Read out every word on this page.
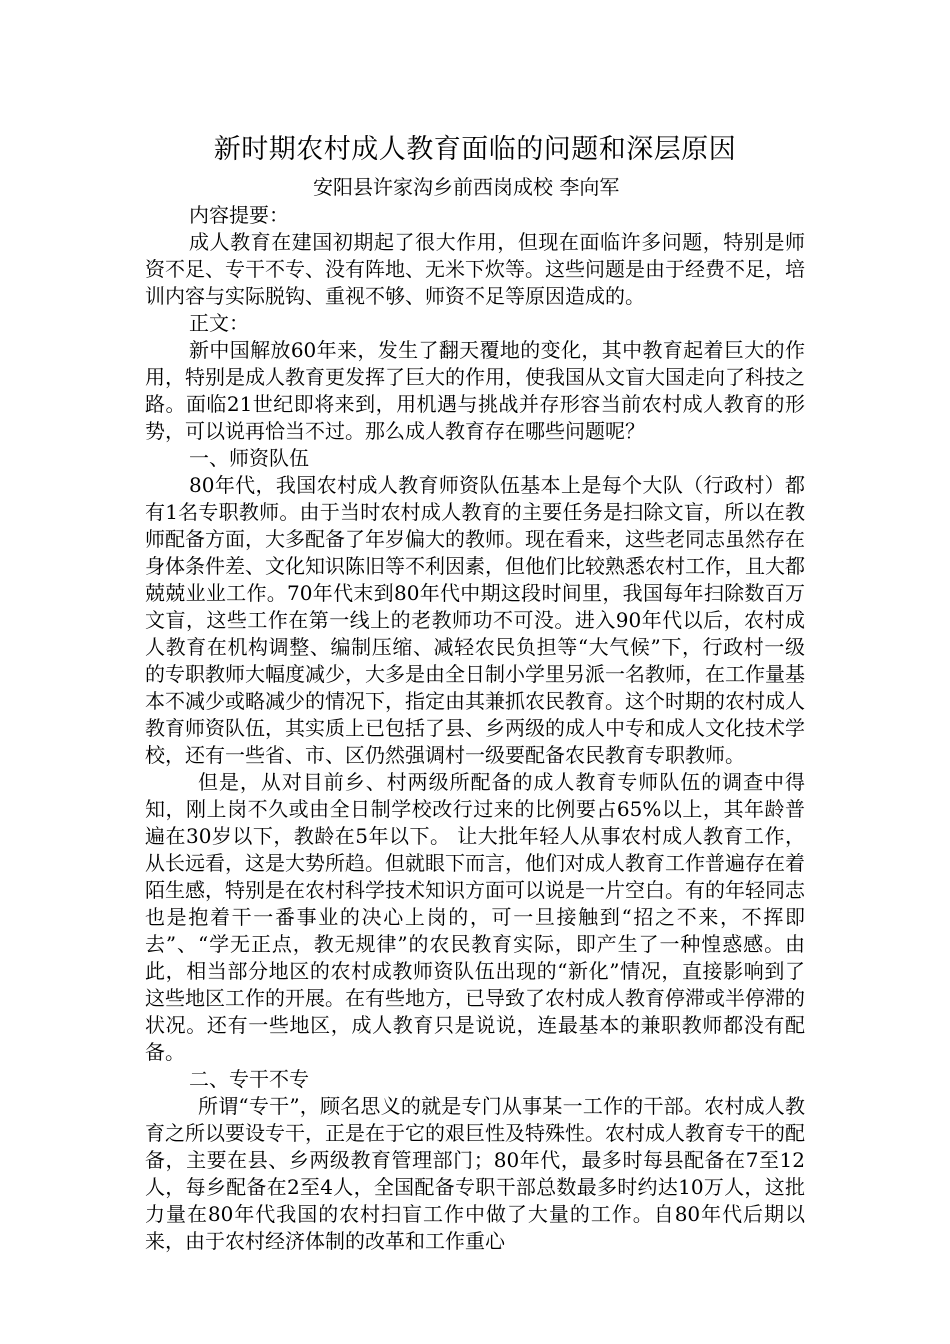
新时期农村成人教育面临的问题和深层原因

安阳县许家沟乡前西岗成校 李向军

内容提要：

成人教育在建国初期起了很大作用，但现在面临许多问题，特别是师资不足、专干不专、没有阵地、无米下炊等。这些问题是由于经费不足，培训内容与实际脱钩、重视不够、师资不足等原因造成的。

正文：

新中国解放60年来，发生了翻天覆地的变化，其中教育起着巨大的作用，特别是成人教育更发挥了巨大的作用，使我国从文盲大国走向了科技之路。面临21世纪即将来到，用机遇与挑战并存形容当前农村成人教育的形势，可以说再恰当不过。那么成人教育存在哪些问题呢？

一、师资队伍

80年代，我国农村成人教育师资队伍基本上是每个大队（行政村）都有1名专职教师。由于当时农村成人教育的主要任务是扫除文盲，所以在教师配备方面，大多配备了年岁偏大的教师。现在看来，这些老同志虽然存在身体条件差、文化知识陈旧等不利因素，但他们比较熟悉农村工作，且大都兢兢业业工作。70年代末到80年代中期这段时间里，我国每年扫除数百万文盲，这些工作在第一线上的老教师功不可没。进入90年代以后，农村成人教育在机构调整、编制压缩、减轻农民负担等“大气候”下，行政村一级的专职教师大幅度减少，大多是由全日制小学里另派一名教师，在工作量基本不减少或略减少的情况下，指定由其兼抓农民教育。这个时期的农村成人教育师资队伍，其实质上已包括了县、乡两级的成人中专和成人文化技术学校，还有一些省、市、区仍然强调村一级要配备农民教育专职教师。

但是，从对目前乡、村两级所配备的成人教育专师队伍的调查中得知，刚上岗不久或由全日制学校改行过来的比例要占65%以上，其年龄普遍在30岁以下，教龄在5年以下。 让大批年轻人从事农村成人教育工作，从长远看，这是大势所趋。但就眼下而言，他们对成人教育工作普遍存在着陌生感，特别是在农村科学技术知识方面可以说是一片空白。有的年轻同志也是抱着干一番事业的决心上岗的，可一旦接触到“招之不来，不挥即去”、“学无正点，教无规律”的农民教育实际，即产生了一种惶惑感。由此，相当部分地区的农村成教师资队伍出现的“新化”情况，直接影响到了这些地区工作的开展。在有些地方，已导致了农村成人教育停滞或半停滞的状况。还有一些地区，成人教育只是说说，连最基本的兼职教师都没有配备。

二、专干不专

所谓“专干”，顾名思义的就是专门从事某一工作的干部。农村成人教育之所以要设专干，正是在于它的艰巨性及特殊性。农村成人教育专干的配备，主要在县、乡两级教育管理部门；80年代，最多时每县配备在7至12人，每乡配备在2至4人，全国配备专职干部总数最多时约达10万人，这批力量在80年代我国的农村扫盲工作中做了大量的工作。自80年代后期以来，由于农村经济体制的改革和工作重心
